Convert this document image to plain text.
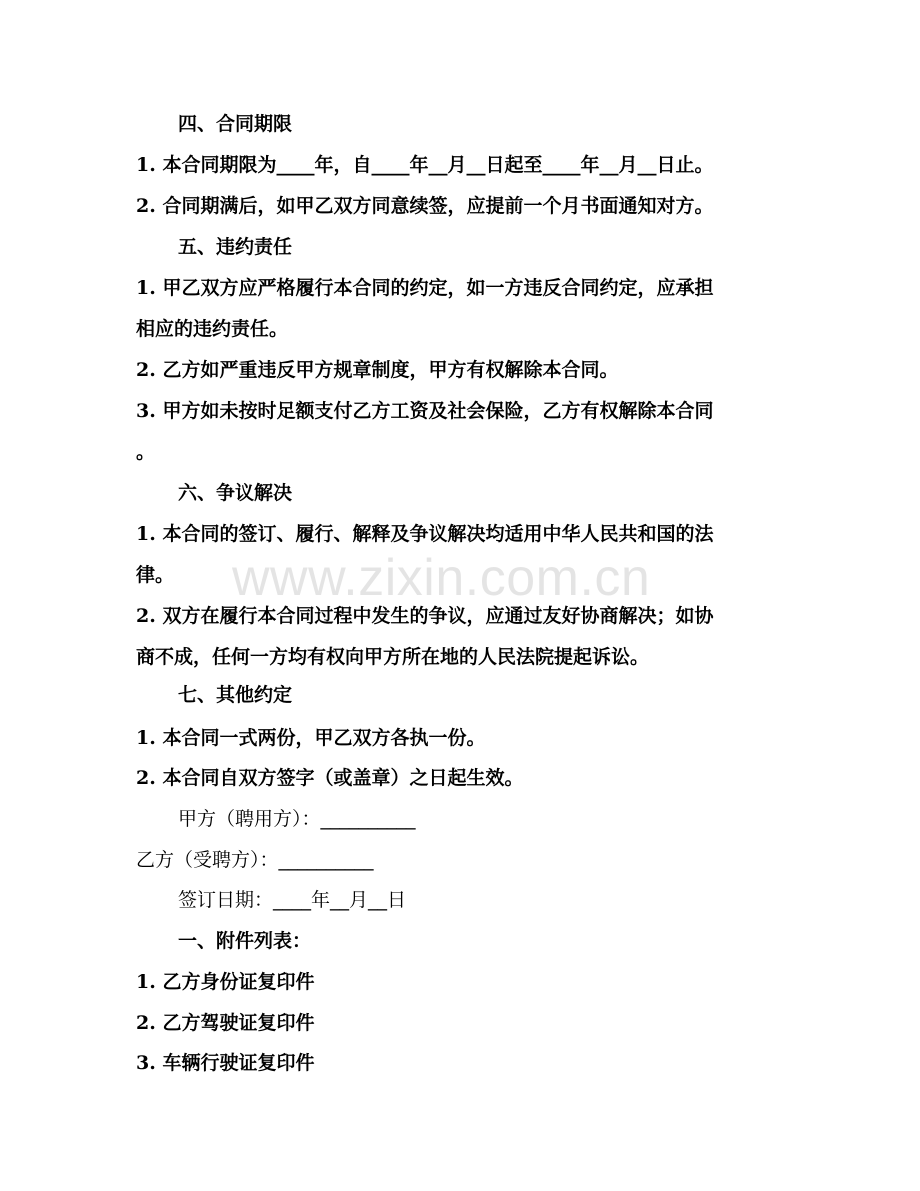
四、合同期限
1. 本合同期限为____年，自____年__月__日起至____年__月__日止。
2. 合同期满后，如甲乙双方同意续签，应提前一个月书面通知对方。
五、违约责任
1. 甲乙双方应严格履行本合同的约定，如一方违反合同约定，应承担
相应的违约责任。
2. 乙方如严重违反甲方规章制度，甲方有权解除本合同。
3. 甲方如未按时足额支付乙方工资及社会保险，乙方有权解除本合同
。
六、争议解决
1. 本合同的签订、履行、解释及争议解决均适用中华人民共和国的法
律。
2. 双方在履行本合同过程中发生的争议，应通过友好协商解决；如协
商不成，任何一方均有权向甲方所在地的人民法院提起诉讼。
七、其他约定
1. 本合同一式两份，甲乙双方各执一份。
2. 本合同自双方签字（或盖章）之日起生效。
甲方（聘用方）：__________
乙方（受聘方）：__________
签订日期：____年__月__日
一、附件列表：
1. 乙方身份证复印件
2. 乙方驾驶证复印件
3. 车辆行驶证复印件
www.zixin.com.cn
